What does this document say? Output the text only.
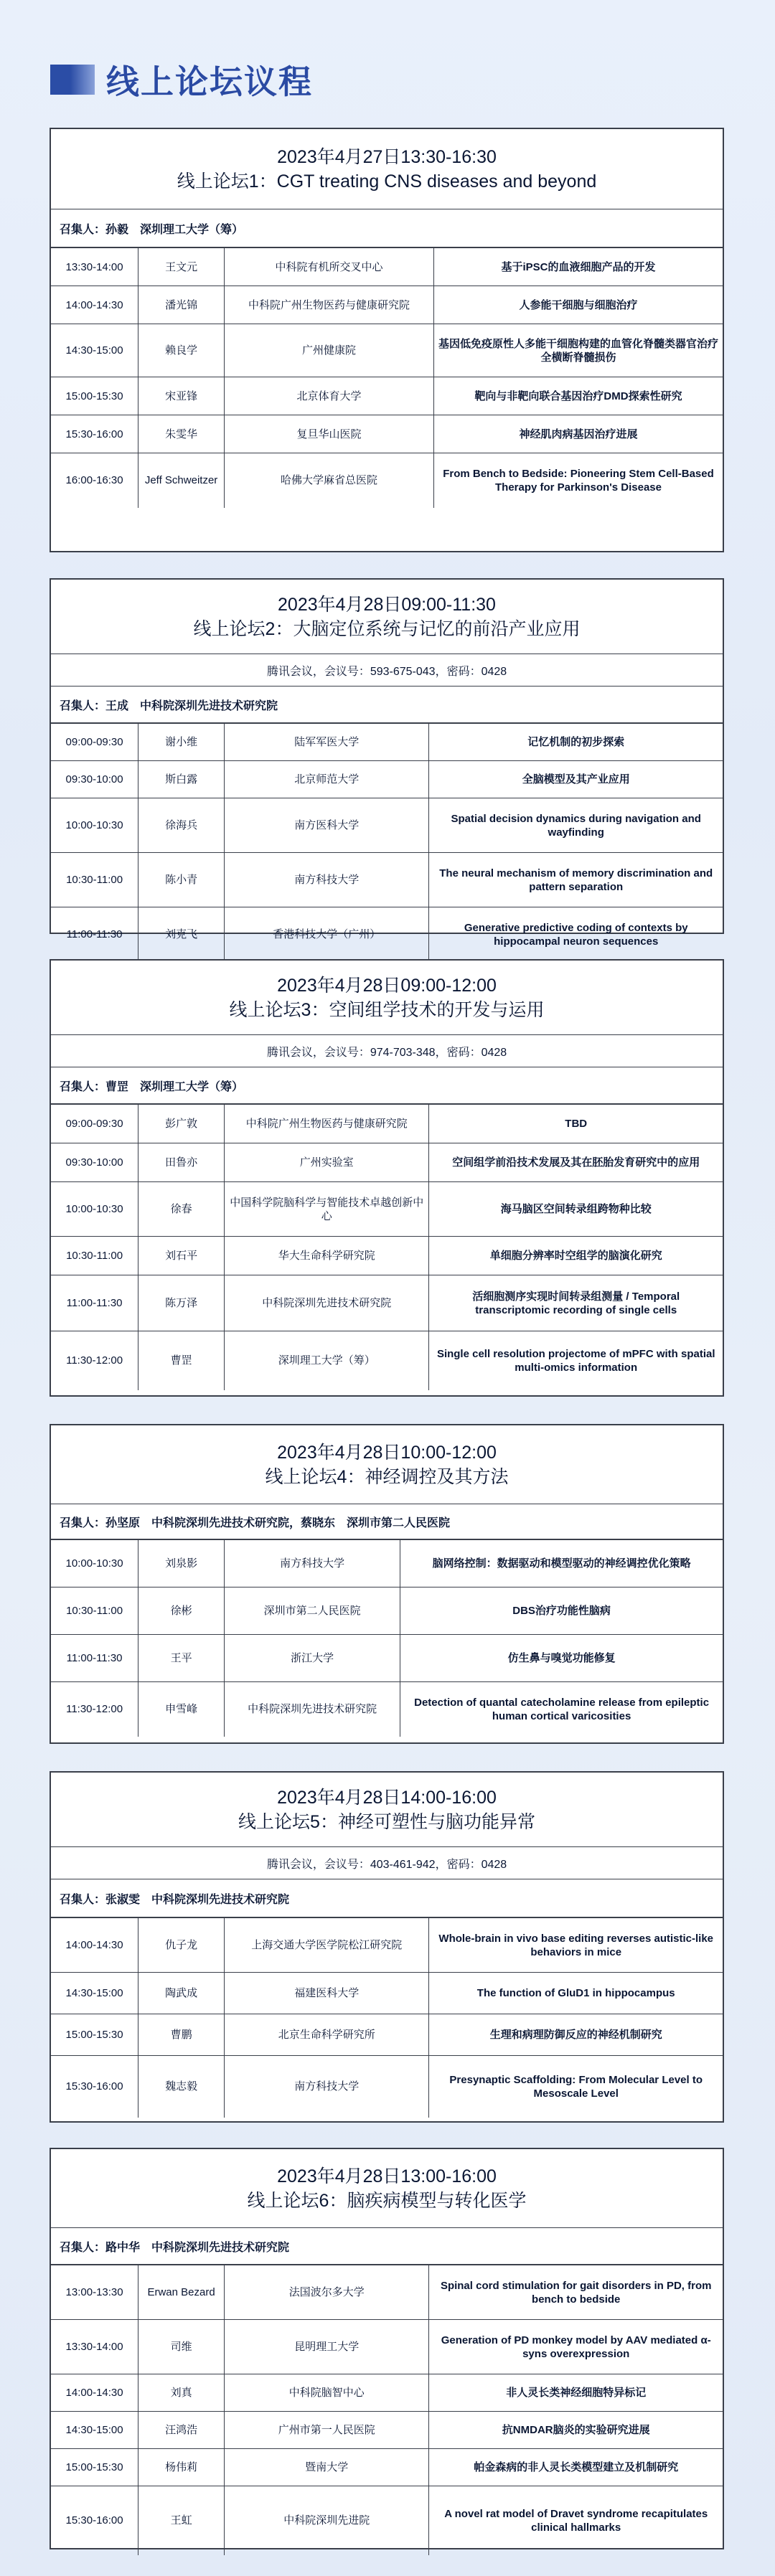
线上论坛议程
2023年4月27日13:30-16:30
线上论坛1：CGT treating CNS diseases and beyond
召集人：孙毅　深圳理工大学（筹）
13:30-14:00	王文元	中科院有机所交叉中心	基于iPSC的血液细胞产品的开发
14:00-14:30	潘光锦	中科院广州生物医药与健康研究院	人参能干细胞与细胞治疗
14:30-15:00	赖良学	广州健康院	基因低免疫原性人多能干细胞构建的血管化脊髓类器官治疗全横断脊髓损伤
15:00-15:30	宋亚锋	北京体育大学	靶向与非靶向联合基因治疗DMD探索性研究
15:30-16:00	朱雯华	复旦华山医院	神经肌肉病基因治疗进展
16:00-16:30	Jeff Schweitzer	哈佛大学麻省总医院	From Bench to Bedside: Pioneering Stem Cell-Based Therapy for Parkinson's Disease
2023年4月28日09:00-11:30
线上论坛2：大脑定位系统与记忆的前沿产业应用
腾讯会议，会议号：593-675-043，密码：0428
召集人：王成　中科院深圳先进技术研究院
09:00-09:30	谢小维	陆军军医大学	记忆机制的初步探索
09:30-10:00	斯白露	北京师范大学	全脑模型及其产业应用
10:00-10:30	徐海兵	南方医科大学	Spatial decision dynamics during navigation and wayfinding
10:30-11:00	陈小青	南方科技大学	The neural mechanism of memory discrimination and pattern separation
11:00-11:30	刘克飞	香港科技大学（广州）	Generative predictive coding of contexts by hippocampal neuron sequences
2023年4月28日09:00-12:00
线上论坛3：空间组学技术的开发与运用
腾讯会议，会议号：974-703-348，密码：0428
召集人：曹罡　深圳理工大学（筹）
09:00-09:30	彭广敦	中科院广州生物医药与健康研究院	TBD
09:30-10:00	田鲁亦	广州实验室	空间组学前沿技术发展及其在胚胎发育研究中的应用
10:00-10:30	徐春	中国科学院脑科学与智能技术卓越创新中心	海马脑区空间转录组跨物种比较
10:30-11:00	刘石平	华大生命科学研究院	单细胞分辨率时空组学的脑演化研究
11:00-11:30	陈万泽	中科院深圳先进技术研究院	活细胞测序实现时间转录组测量 / Temporal transcriptomic recording of single cells
11:30-12:00	曹罡	深圳理工大学（筹）	Single cell resolution projectome of mPFC with spatial multi-omics information
2023年4月28日10:00-12:00
线上论坛4：神经调控及其方法
召集人：孙坚原　中科院深圳先进技术研究院，蔡晓东　深圳市第二人民医院
10:00-10:30	刘泉影	南方科技大学	脑网络控制：数据驱动和模型驱动的神经调控优化策略
10:30-11:00	徐彬	深圳市第二人民医院	DBS治疗功能性脑病
11:00-11:30	王平	浙江大学	仿生鼻与嗅觉功能修复
11:30-12:00	申雪峰	中科院深圳先进技术研究院	Detection of quantal catecholamine release from epileptic human cortical varicosities
2023年4月28日14:00-16:00
线上论坛5：神经可塑性与脑功能异常
腾讯会议，会议号：403-461-942，密码：0428
召集人：张淑雯　中科院深圳先进技术研究院
14:00-14:30	仇子龙	上海交通大学医学院松江研究院	Whole-brain in vivo base editing reverses autistic-like behaviors in mice
14:30-15:00	陶武成	福建医科大学	The function of GluD1 in hippocampus
15:00-15:30	曹鹏	北京生命科学研究所	生理和病理防御反应的神经机制研究
15:30-16:00	魏志毅	南方科技大学	Presynaptic Scaffolding: From Molecular Level to Mesoscale Level
2023年4月28日13:00-16:00
线上论坛6：脑疾病模型与转化医学
召集人：路中华　中科院深圳先进技术研究院
13:00-13:30	Erwan Bezard	法国波尔多大学	Spinal cord stimulation for gait disorders in PD, from bench to bedside
13:30-14:00	司维	昆明理工大学	Generation of PD monkey model by AAV mediated α-syns overexpression
14:00-14:30	刘真	中科院脑智中心	非人灵长类神经细胞特异标记
14:30-15:00	汪鸿浩	广州市第一人民医院	抗NMDAR脑炎的实验研究进展
15:00-15:30	杨伟莉	暨南大学	帕金森病的非人灵长类模型建立及机制研究
15:30-16:00	王虹	中科院深圳先进院	A novel rat model of Dravet syndrome recapitulates clinical hallmarks
